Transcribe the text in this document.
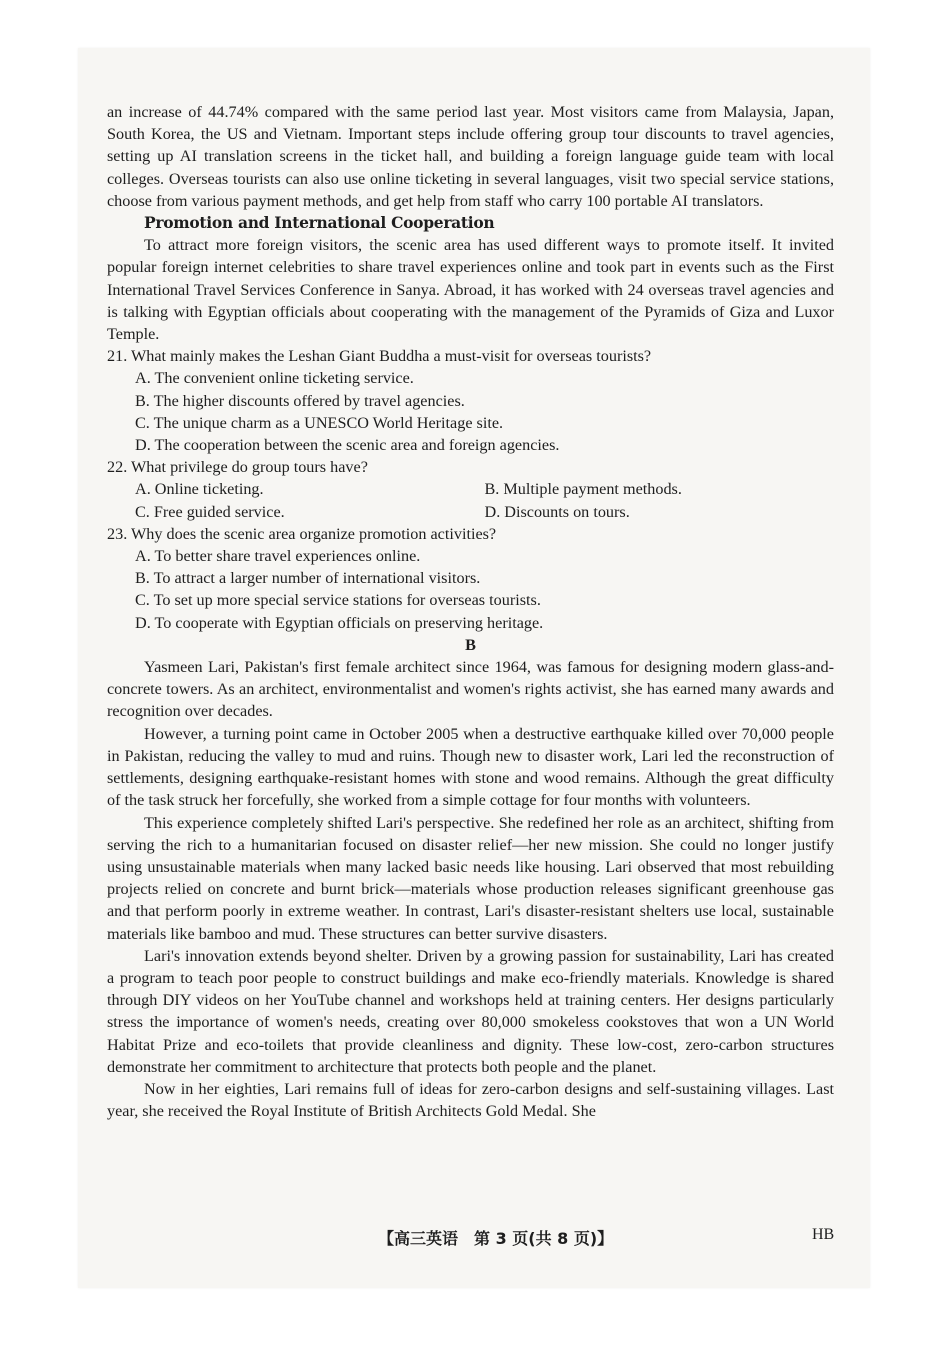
an increase of 44.74% compared with the same period last year. Most visitors came from Malaysia, Japan, South Korea, the US and Vietnam. Important steps include offering group tour discounts to travel agencies, setting up AI translation screens in the ticket hall, and building a foreign language guide team with local colleges. Overseas tourists can also use online ticketing in several languages, visit two special service stations, choose from various payment methods, and get help from staff who carry 100 portable AI translators.

Promotion and International Cooperation

To attract more foreign visitors, the scenic area has used different ways to promote itself. It invited popular foreign internet celebrities to share travel experiences online and took part in events such as the First International Travel Services Conference in Sanya. Abroad, it has worked with 24 overseas travel agencies and is talking with Egyptian officials about cooperating with the management of the Pyramids of Giza and Luxor Temple.

21. What mainly makes the Leshan Giant Buddha a must-visit for overseas tourists?

A. The convenient online ticketing service.
B. The higher discounts offered by travel agencies.
C. The unique charm as a UNESCO World Heritage site.
D. The cooperation between the scenic area and foreign agencies.

22. What privilege do group tours have?

A. Online ticketing.	B. Multiple payment methods.
C. Free guided service.	D. Discounts on tours.

23. Why does the scenic area organize promotion activities?

A. To better share travel experiences online.
B. To attract a larger number of international visitors.
C. To set up more special service stations for overseas tourists.
D. To cooperate with Egyptian officials on preserving heritage.

B

Yasmeen Lari, Pakistan's first female architect since 1964, was famous for designing modern glass-and-concrete towers. As an architect, environmentalist and women's rights activist, she has earned many awards and recognition over decades.

However, a turning point came in October 2005 when a destructive earthquake killed over 70,000 people in Pakistan, reducing the valley to mud and ruins. Though new to disaster work, Lari led the reconstruction of settlements, designing earthquake-resistant homes with stone and wood remains. Although the great difficulty of the task struck her forcefully, she worked from a simple cottage for four months with volunteers.

This experience completely shifted Lari's perspective. She redefined her role as an architect, shifting from serving the rich to a humanitarian focused on disaster relief—her new mission. She could no longer justify using unsustainable materials when many lacked basic needs like housing. Lari observed that most rebuilding projects relied on concrete and burnt brick—materials whose production releases significant greenhouse gas and that perform poorly in extreme weather. In contrast, Lari's disaster-resistant shelters use local, sustainable materials like bamboo and mud. These structures can better survive disasters.

Lari's innovation extends beyond shelter. Driven by a growing passion for sustainability, Lari has created a program to teach poor people to construct buildings and make eco-friendly materials. Knowledge is shared through DIY videos on her YouTube channel and workshops held at training centers. Her designs particularly stress the importance of women's needs, creating over 80,000 smokeless cookstoves that won a UN World Habitat Prize and eco-toilets that provide cleanliness and dignity. These low-cost, zero-carbon structures demonstrate her commitment to architecture that protects both people and the planet.

Now in her eighties, Lari remains full of ideas for zero-carbon designs and self-sustaining villages. Last year, she received the Royal Institute of British Architects Gold Medal. She

【高三英语　第 3 页(共 8 页)】	HB
